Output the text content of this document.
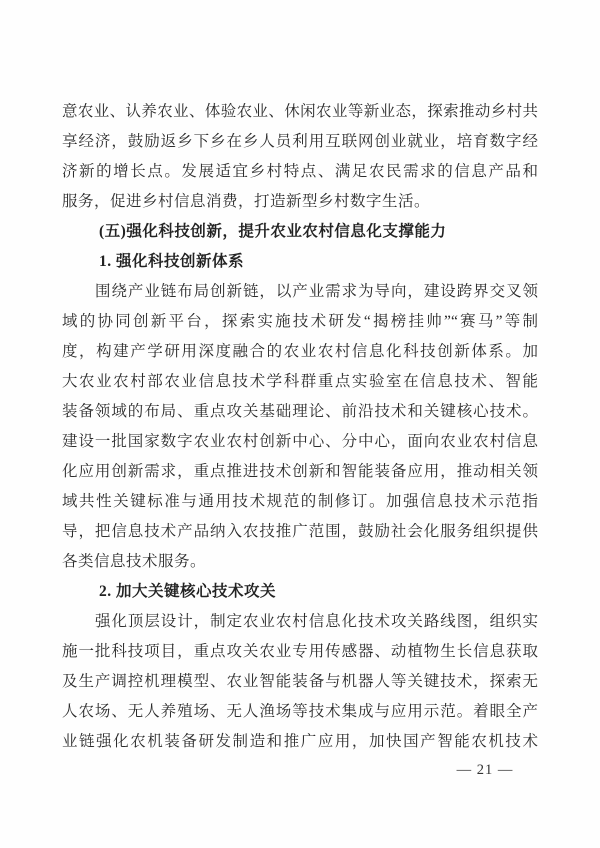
意农业、认养农业、体验农业、休闲农业等新业态，探索推动乡村共
享经济，鼓励返乡下乡在乡人员利用互联网创业就业，培育数字经
济新的增长点。发展适宜乡村特点、满足农民需求的信息产品和
服务，促进乡村信息消费，打造新型乡村数字生活。
(五)强化科技创新，提升农业农村信息化支撑能力
1. 强化科技创新体系
围绕产业链布局创新链，以产业需求为导向，建设跨界交叉领
域的协同创新平台，探索实施技术研发“揭榜挂帅”“赛马”等制
度，构建产学研用深度融合的农业农村信息化科技创新体系。加
大农业农村部农业信息技术学科群重点实验室在信息技术、智能
装备领域的布局、重点攻关基础理论、前沿技术和关键核心技术。
建设一批国家数字农业农村创新中心、分中心，面向农业农村信息
化应用创新需求，重点推进技术创新和智能装备应用，推动相关领
域共性关键标准与通用技术规范的制修订。加强信息技术示范指
导，把信息技术产品纳入农技推广范围，鼓励社会化服务组织提供
各类信息技术服务。
2. 加大关键核心技术攻关
强化顶层设计，制定农业农村信息化技术攻关路线图，组织实
施一批科技项目，重点攻关农业专用传感器、动植物生长信息获取
及生产调控机理模型、农业智能装备与机器人等关键技术，探索无
人农场、无人养殖场、无人渔场等技术集成与应用示范。着眼全产
业链强化农机装备研发制造和推广应用，加快国产智能农机技术
— 21 —
